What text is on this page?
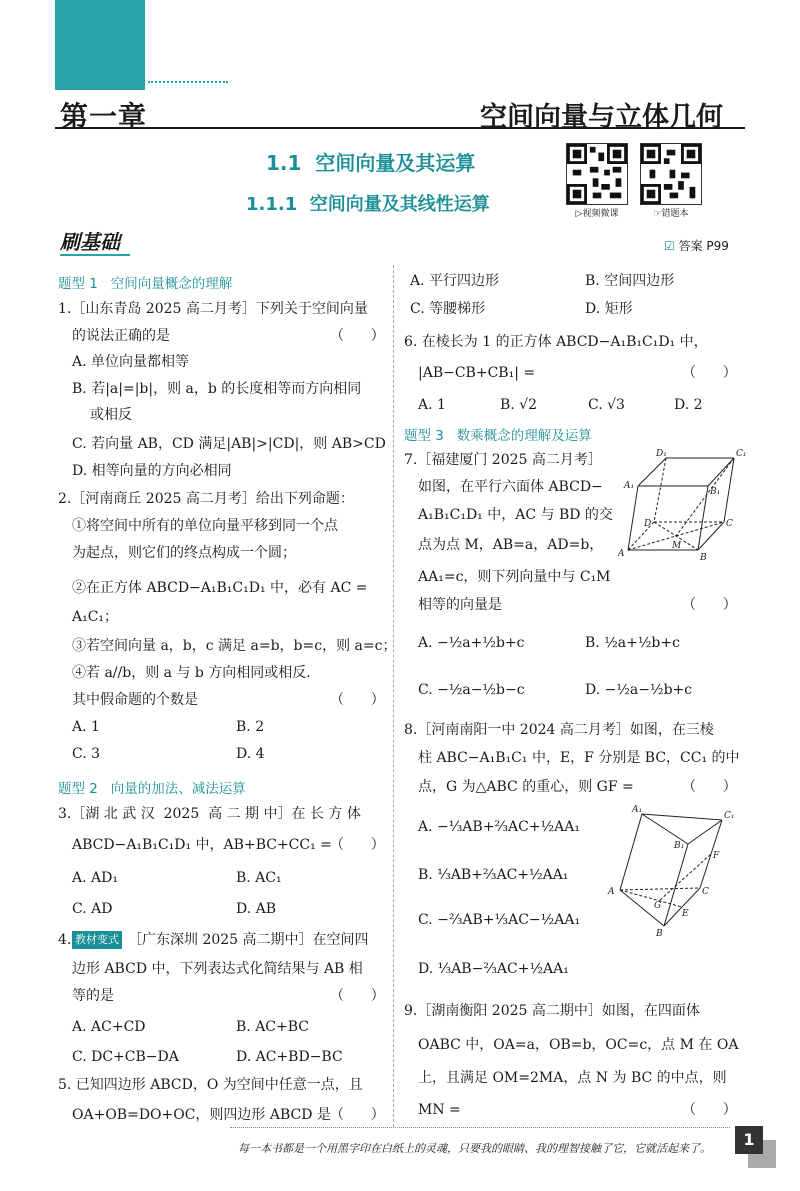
第一章	空间向量与立体几何
1.1  空间向量及其运算
1.1.1  空间向量及其线性运算	▷视频微课	☞错题本
刷基础	☑ 答案 P99
题型 1   空间向量概念的理解
1.［山东青岛 2025 高二月考］下列关于空间向量
的说法正确的是	（      ）
A. 单位向量都相等
B. 若|a|=|b|，则 a，b 的长度相等而方向相同
或相反
C. 若向量 AB，CD 满足|AB|>|CD|，则 AB>CD
D. 相等向量的方向必相同
2.［河南商丘 2025 高二月考］给出下列命题：
①将空间中所有的单位向量平移到同一个点
为起点，则它们的终点构成一个圆；
②在正方体 ABCD−A₁B₁C₁D₁ 中，必有 AC =
A₁C₁；
③若空间向量 a，b，c 满足 a=b，b=c，则 a=c；
④若 a//b，则 a 与 b 方向相同或相反.
其中假命题的个数是	（      ）
A. 1	B. 2
C. 3	D. 4
题型 2   向量的加法、减法运算
3.［湖 北 武 汉  2025  高 二 期 中］在 长 方 体
ABCD−A₁B₁C₁D₁ 中，AB+BC+CC₁ =
（      ）
A. AD₁	B. AC₁
C. AD	D. AB
4. 教材变式 ［广东深圳 2025 高二期中］在空间四
边形 ABCD 中，下列表达式化简结果与 AB 相
等的是	（      ）
A. AC+CD	B. AC+BC
C. DC+CB−DA	D. AC+BD−BC
5. 已知四边形 ABCD，O 为空间中任意一点，且
OA+OB=DO+OC，则四边形 ABCD 是 （      ）
A. 平行四边形	B. 空间四边形
C. 等腰梯形	D. 矩形
6. 在棱长为 1 的正方体 ABCD−A₁B₁C₁D₁ 中，
|AB−CB+CB₁| =	（      ）
A. 1	B. √2	C. √3	D. 2
题型 3   数乘概念的理解及运算
7.［福建厦门 2025 高二月考］
如图，在平行六面体 ABCD−
A₁B₁C₁D₁ 中，AC 与 BD 的交
点为点 M，AB=a，AD=b，
AA₁=c，则下列向量中与 C₁M
相等的向量是	（      ）
A. −½a+½b+c	B. ½a+½b+c
C. −½a−½b−c	D. −½a−½b+c
D₁	C₁
A₁
B₁
D	C
A
M
B
8.［河南南阳一中 2024 高二月考］如图，在三棱
柱 ABC−A₁B₁C₁ 中，E，F 分别是 BC，CC₁ 的中
点，G 为△ABC 的重心，则 GF =	（      ）
A. −⅓AB+⅔AC+½AA₁
B. ⅓AB+⅔AC+½AA₁
C. −⅔AB+⅓AC−½AA₁
D. ⅓AB−⅔AC+½AA₁
A₁
C₁
B₁
F
A	C
G
E
B
9.［湖南衡阳 2025 高二期中］如图，在四面体
OABC 中，OA=a，OB=b，OC=c，点 M 在 OA
上，且满足 OM=2MA，点 N 为 BC 的中点，则
MN =	（      ）
每一本书都是一个用黑字印在白纸上的灵魂，只要我的眼睛、我的理智接触了它，它就活起来了。	1
